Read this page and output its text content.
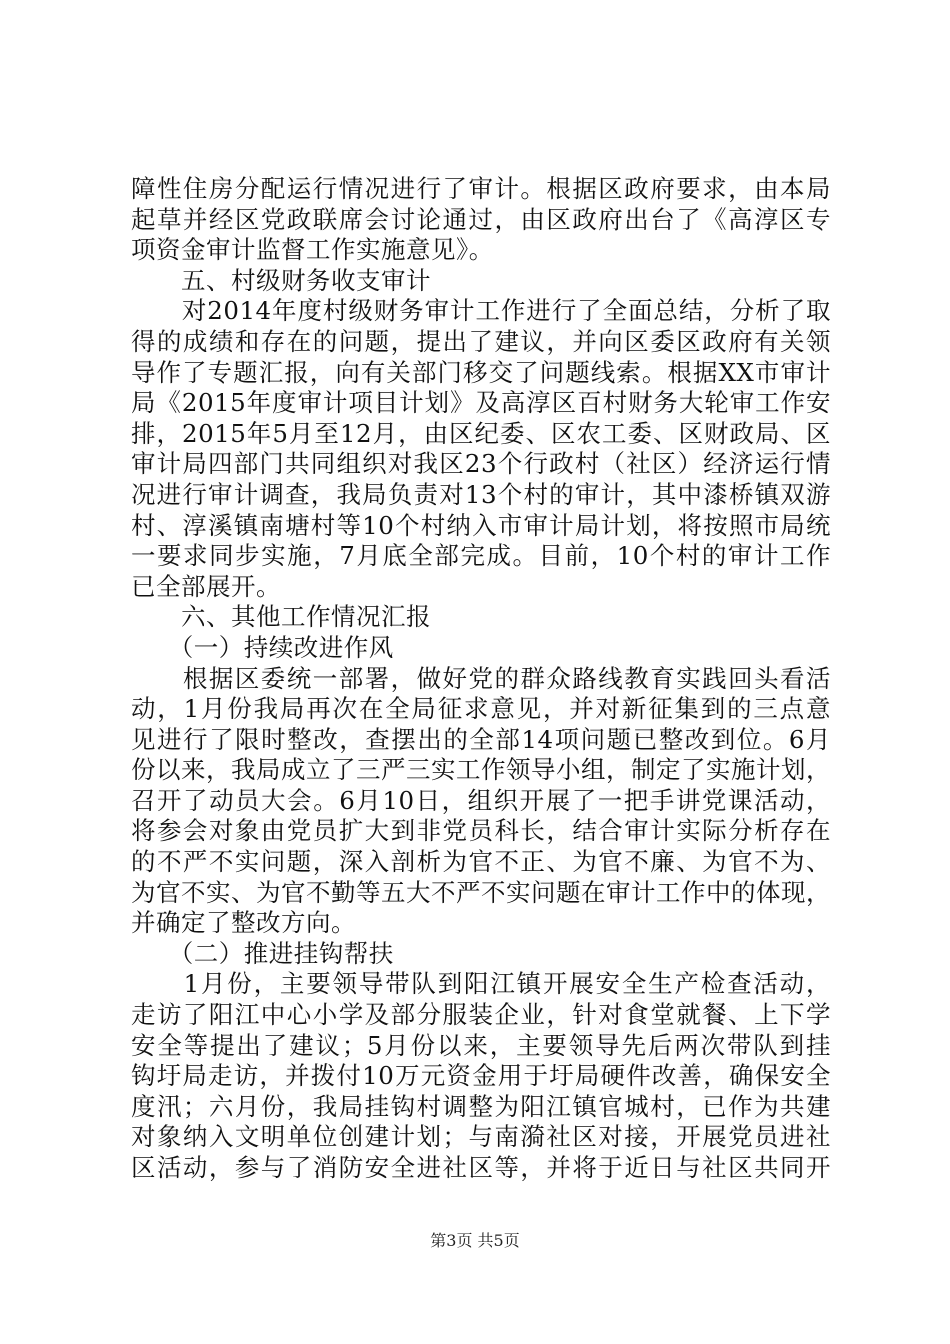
障性住房分配运行情况进行了审计。根据区政府要求，由本局
起草并经区党政联席会讨论通过，由区政府出台了《高淳区专
项资金审计监督工作实施意见》。
　　五、村级财务收支审计
　　对2014年度村级财务审计工作进行了全面总结，分析了取
得的成绩和存在的问题，提出了建议，并向区委区政府有关领
导作了专题汇报，向有关部门移交了问题线索。根据XX市审计
局《2015年度审计项目计划》及高淳区百村财务大轮审工作安
排，2015年5月至12月，由区纪委、区农工委、区财政局、区
审计局四部门共同组织对我区23个行政村（社区）经济运行情
况进行审计调查，我局负责对13个村的审计，其中漆桥镇双游
村、淳溪镇南塘村等10个村纳入市审计局计划，将按照市局统
一要求同步实施，7月底全部完成。目前，10个村的审计工作
已全部展开。
　　六、其他工作情况汇报
　　（一）持续改进作风
　　根据区委统一部署，做好党的群众路线教育实践回头看活
动，1月份我局再次在全局征求意见，并对新征集到的三点意
见进行了限时整改，查摆出的全部14项问题已整改到位。6月
份以来，我局成立了三严三实工作领导小组，制定了实施计划，
召开了动员大会。6月10日，组织开展了一把手讲党课活动，
将参会对象由党员扩大到非党员科长，结合审计实际分析存在
的不严不实问题，深入剖析为官不正、为官不廉、为官不为、
为官不实、为官不勤等五大不严不实问题在审计工作中的体现，
并确定了整改方向。
　　（二）推进挂钩帮扶
　　1月份，主要领导带队到阳江镇开展安全生产检查活动，
走访了阳江中心小学及部分服装企业，针对食堂就餐、上下学
安全等提出了建议；5月份以来，主要领导先后两次带队到挂
钩圩局走访，并拨付10万元资金用于圩局硬件改善，确保安全
度汛；六月份，我局挂钩村调整为阳江镇官城村，已作为共建
对象纳入文明单位创建计划；与南漪社区对接，开展党员进社
区活动，参与了消防安全进社区等，并将于近日与社区共同开
第3页 共5页
